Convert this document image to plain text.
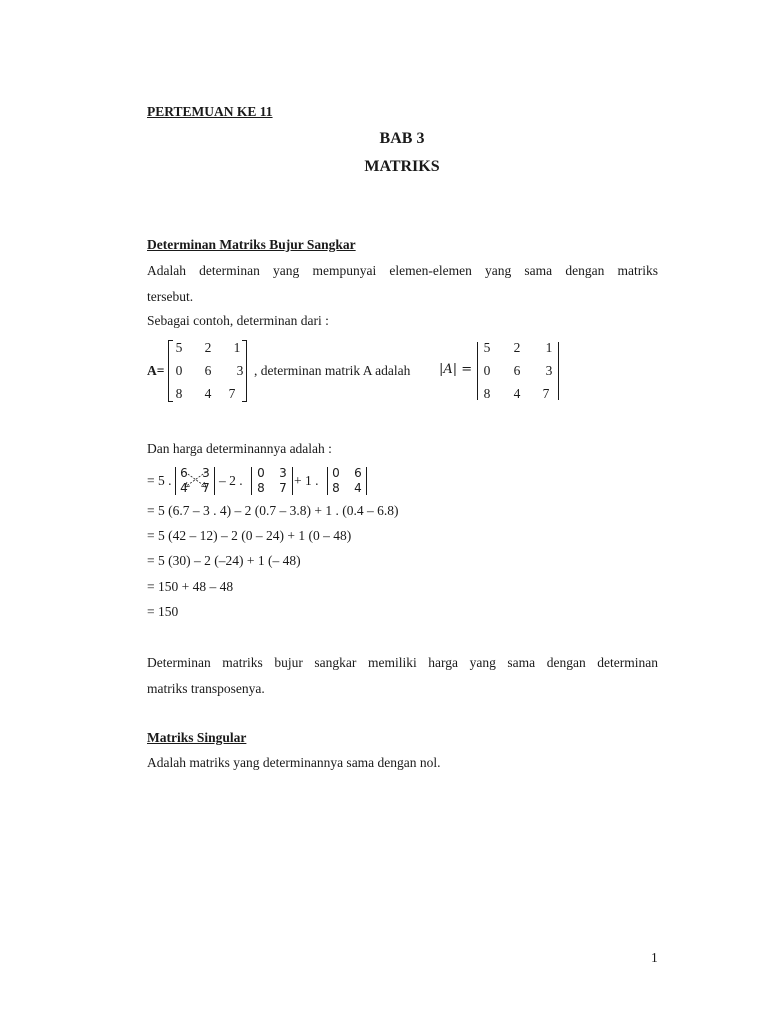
PERTEMUAN KE 11
BAB 3
MATRIKS
Determinan Matriks Bujur Sangkar
Adalah determinan yang mempunyai elemen-elemen yang sama dengan matriks
tersebut.
Sebagai contoh, determinan dari :
A=
5 2 1
0 6 3
8 4 7
, determinan matrik A adalah |A| =
5 2 1
0 6 3
8 4 7
Dan harga determinannya adalah :
= 5 . 6 3
4 7 – 2 . 0 3
8 7 + 1 . 0 6
8 4
= 5 (6.7 – 3 . 4) – 2 (0.7 – 3.8) + 1 . (0.4 – 6.8)
= 5 (42 – 12) – 2 (0 – 24) + 1 (0 – 48)
= 5 (30) – 2 (–24) + 1 (– 48)
= 150 + 48 – 48
= 150
Determinan matriks bujur sangkar memiliki harga yang sama dengan determinan
matriks transposenya.
Matriks Singular
Adalah matriks yang determinannya sama dengan nol.
1
